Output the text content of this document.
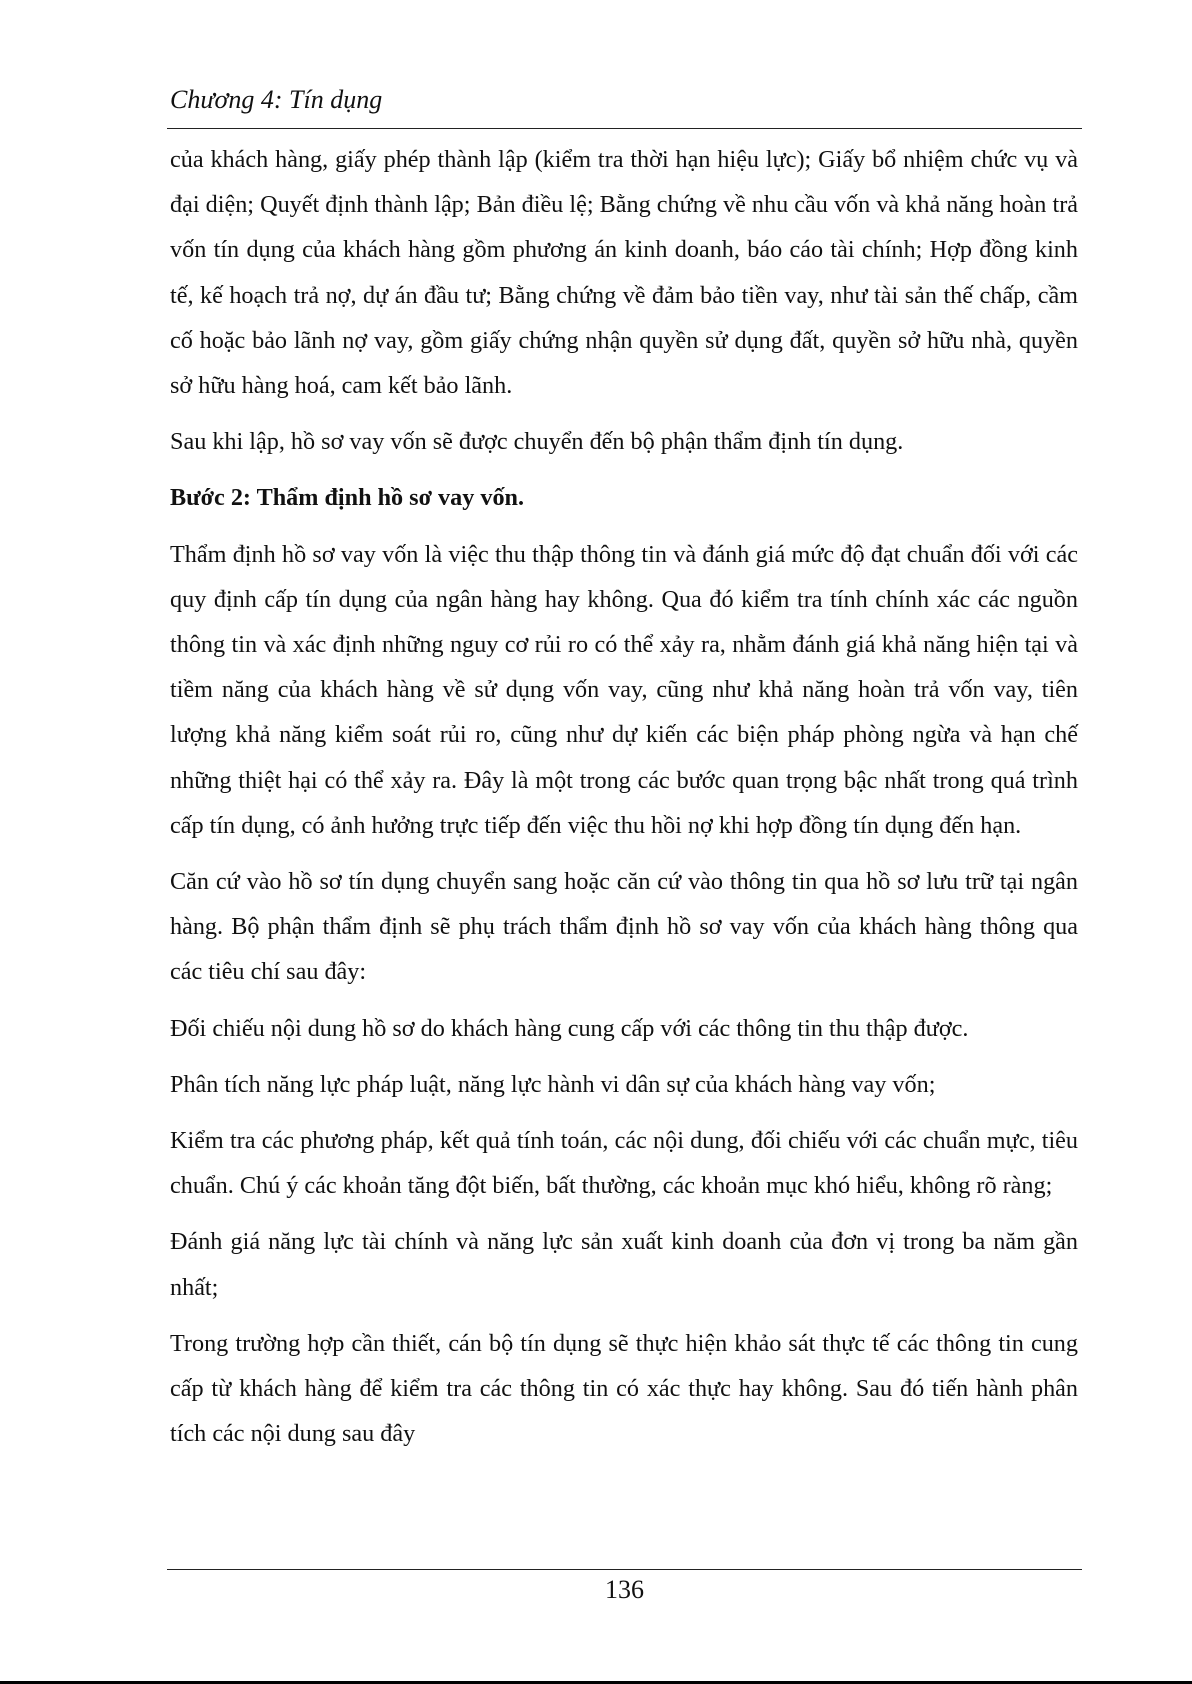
Chương 4: Tín dụng

của khách hàng, giấy phép thành lập (kiểm tra thời hạn hiệu lực); Giấy bổ nhiệm chức vụ và đại diện; Quyết định thành lập; Bản điều lệ; Bằng chứng về nhu cầu vốn và khả năng hoàn trả vốn tín dụng của khách hàng gồm phương án kinh doanh, báo cáo tài chính; Hợp đồng kinh tế, kế hoạch trả nợ, dự án đầu tư; Bằng chứng về đảm bảo tiền vay, như tài sản thế chấp, cầm cố hoặc bảo lãnh nợ vay, gồm giấy chứng nhận quyền sử dụng đất, quyền sở hữu nhà, quyền sở hữu hàng hoá, cam kết bảo lãnh.

Sau khi lập, hồ sơ vay vốn sẽ được chuyển đến bộ phận thẩm định tín dụng.

Bước 2: Thẩm định hồ sơ vay vốn.

Thẩm định hồ sơ vay vốn là việc thu thập thông tin và đánh giá mức độ đạt chuẩn đối với các quy định cấp tín dụng của ngân hàng hay không. Qua đó kiểm tra tính chính xác các nguồn thông tin và xác định những nguy cơ rủi ro có thể xảy ra, nhằm đánh giá khả năng hiện tại và tiềm năng của khách hàng về sử dụng vốn vay, cũng như khả năng hoàn trả vốn vay, tiên lượng khả năng kiểm soát rủi ro, cũng như dự kiến các biện pháp phòng ngừa và hạn chế những thiệt hại có thể xảy ra. Đây là một trong các bước quan trọng bậc nhất trong quá trình cấp tín dụng, có ảnh hưởng trực tiếp đến việc thu hồi nợ khi hợp đồng tín dụng đến hạn.

Căn cứ vào hồ sơ tín dụng chuyển sang hoặc căn cứ vào thông tin qua hồ sơ lưu trữ tại ngân hàng. Bộ phận thẩm định sẽ phụ trách thẩm định hồ sơ vay vốn của khách hàng thông qua các tiêu chí sau đây:

Đối chiếu nội dung hồ sơ do khách hàng cung cấp với các thông tin thu thập được.

Phân tích năng lực pháp luật, năng lực hành vi dân sự của khách hàng vay vốn;

Kiểm tra các phương pháp, kết quả tính toán, các nội dung, đối chiếu với các chuẩn mực, tiêu chuẩn. Chú ý các khoản tăng đột biến, bất thường, các khoản mục khó hiểu, không rõ ràng;

Đánh giá năng lực tài chính và năng lực sản xuất kinh doanh của đơn vị trong ba năm gần nhất;

Trong trường hợp cần thiết, cán bộ tín dụng sẽ thực hiện khảo sát thực tế các thông tin cung cấp từ khách hàng để kiểm tra các thông tin có xác thực hay không. Sau đó tiến hành phân tích các nội dung sau đây

136
